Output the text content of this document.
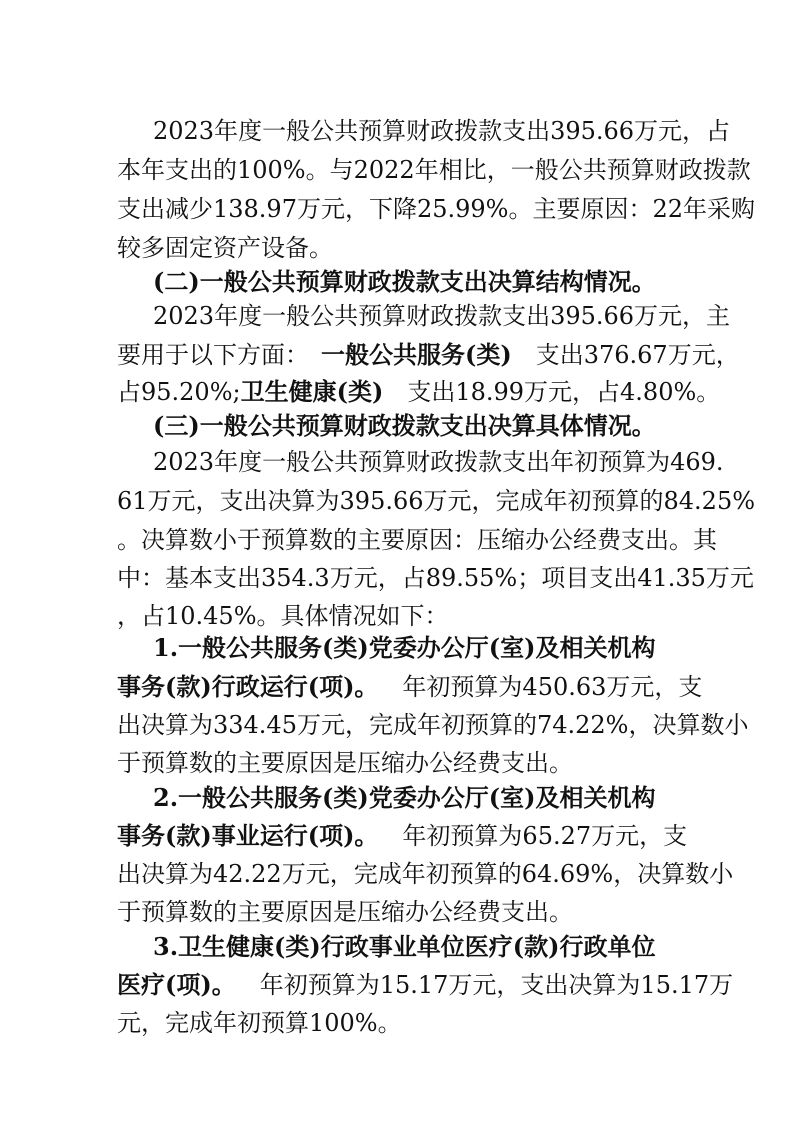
2023年度一般公共预算财政拨款支出395.66万元，占
本年支出的100%。与2022年相比，一般公共预算财政拨款
支出减少138.97万元，下降25.99%。主要原因：22年采购
较多固定资产设备。
(二)一般公共预算财政拨款支出决算结构情况。
2023年度一般公共预算财政拨款支出395.66万元，主
要用于以下方面：　 一般公共服务(类)  支出376.67万元，
占95.20%;卫生健康(类)  支出18.99万元，占4.80%。
(三)一般公共预算财政拨款支出决算具体情况。
2023年度一般公共预算财政拨款支出年初预算为469.
61万元，支出决算为395.66万元，完成年初预算的84.25%
。决算数小于预算数的主要原因：压缩办公经费支出。其
中：基本支出354.3万元，占89.55%；项目支出41.35万元
，占10.45%。具体情况如下：
1.一般公共服务(类)党委办公厅(室)及相关机构
事务(款)行政运行(项)。  年初预算为450.63万元，支
出决算为334.45万元，完成年初预算的74.22%，决算数小
于预算数的主要原因是压缩办公经费支出。
2.一般公共服务(类)党委办公厅(室)及相关机构
事务(款)事业运行(项)。  年初预算为65.27万元，支
出决算为42.22万元，完成年初预算的64.69%，决算数小
于预算数的主要原因是压缩办公经费支出。
3.卫生健康(类)行政事业单位医疗(款)行政单位
医疗(项)。  年初预算为15.17万元，支出决算为15.17万
元，完成年初预算100%。
